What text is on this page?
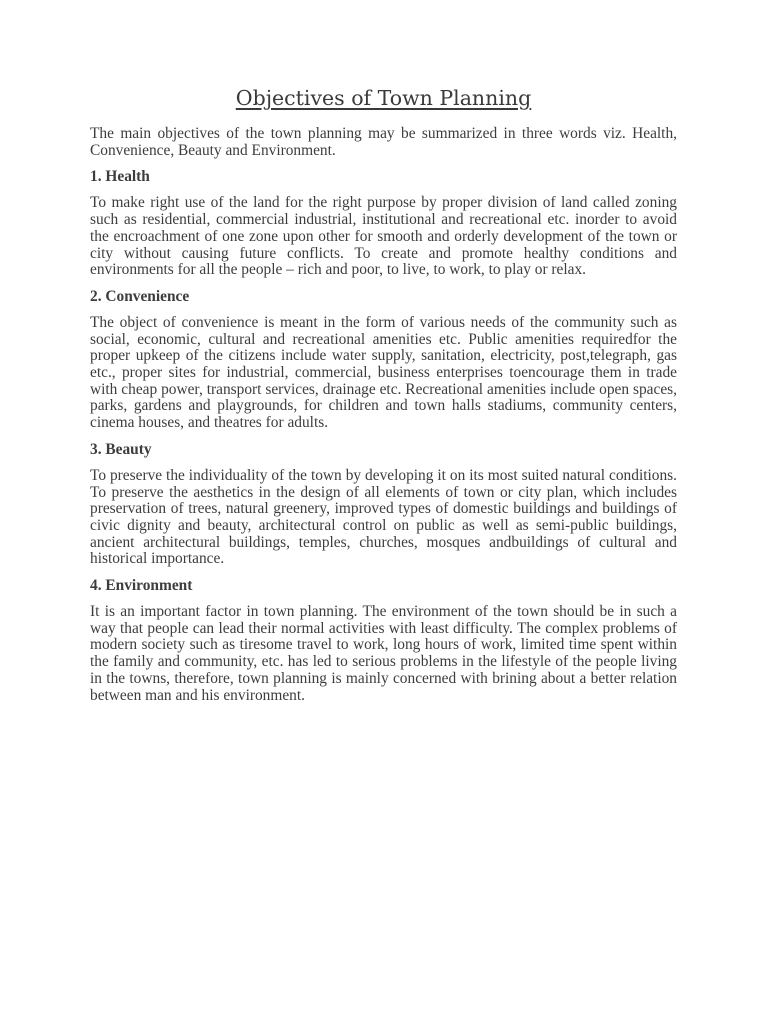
Objectives of Town Planning

The main objectives of the town planning may be summarized in three words viz. Health, Convenience, Beauty and Environment.

1. Health

To make right use of the land for the right purpose by proper division of land called zoning such as residential, commercial industrial, institutional and recreational etc. inorder to avoid the encroachment of one zone upon other for smooth and orderly development of the town or city without causing future conflicts. To create and promote healthy conditions and environments for all the people – rich and poor, to live, to work, to play or relax.

2. Convenience

The object of convenience is meant in the form of various needs of the community such as social, economic, cultural and recreational amenities etc. Public amenities requiredfor the proper upkeep of the citizens include water supply, sanitation, electricity, post,telegraph, gas etc., proper sites for industrial, commercial, business enterprises toencourage them in trade with cheap power, transport services, drainage etc. Recreational amenities include open spaces, parks, gardens and playgrounds, for children and town halls stadiums, community centers, cinema houses, and theatres for adults.

3. Beauty

To preserve the individuality of the town by developing it on its most suited natural conditions. To preserve the aesthetics in the design of all elements of town or city plan, which includes preservation of trees, natural greenery, improved types of domestic buildings and buildings of civic dignity and beauty, architectural control on public as well as semi-public buildings, ancient architectural buildings, temples, churches, mosques andbuildings of cultural and historical importance.

4. Environment

It is an important factor in town planning. The environment of the town should be in such a way that people can lead their normal activities with least difficulty. The complex problems of modern society such as tiresome travel to work, long hours of work, limited time spent within the family and community, etc. has led to serious problems in the lifestyle of the people living in the towns, therefore, town planning is mainly concerned with brining about a better relation between man and his environment.
